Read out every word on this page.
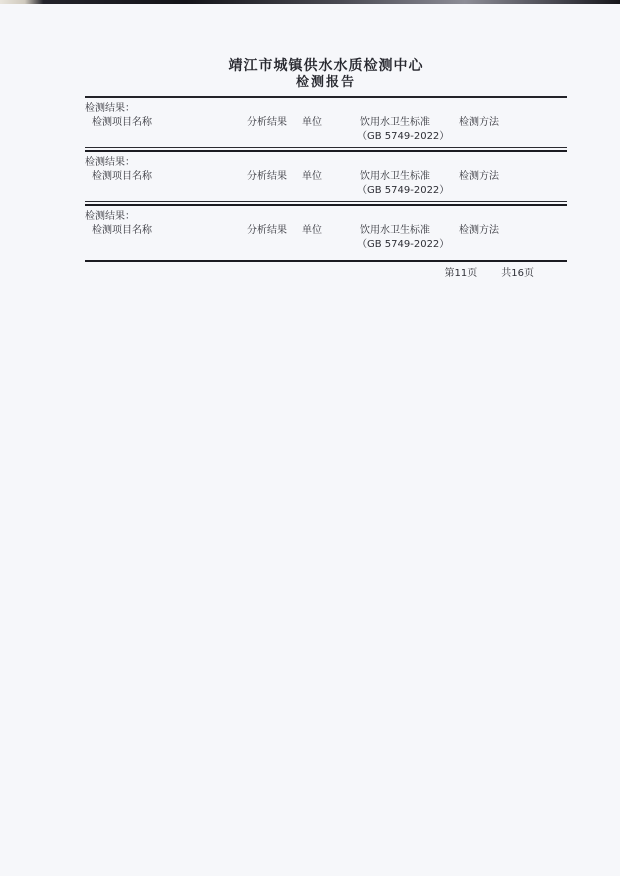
靖江市城镇供水水质检测中心
检测报告
检测结果：
检测项目名称	分析结果	单位	饮用水卫生标准	检测方法
（GB 5749-2022）
检测结果：
检测项目名称	分析结果	单位	饮用水卫生标准	检测方法
（GB 5749-2022）
检测结果：
检测项目名称	分析结果	单位	饮用水卫生标准	检测方法
（GB 5749-2022）
第11页 共16页
